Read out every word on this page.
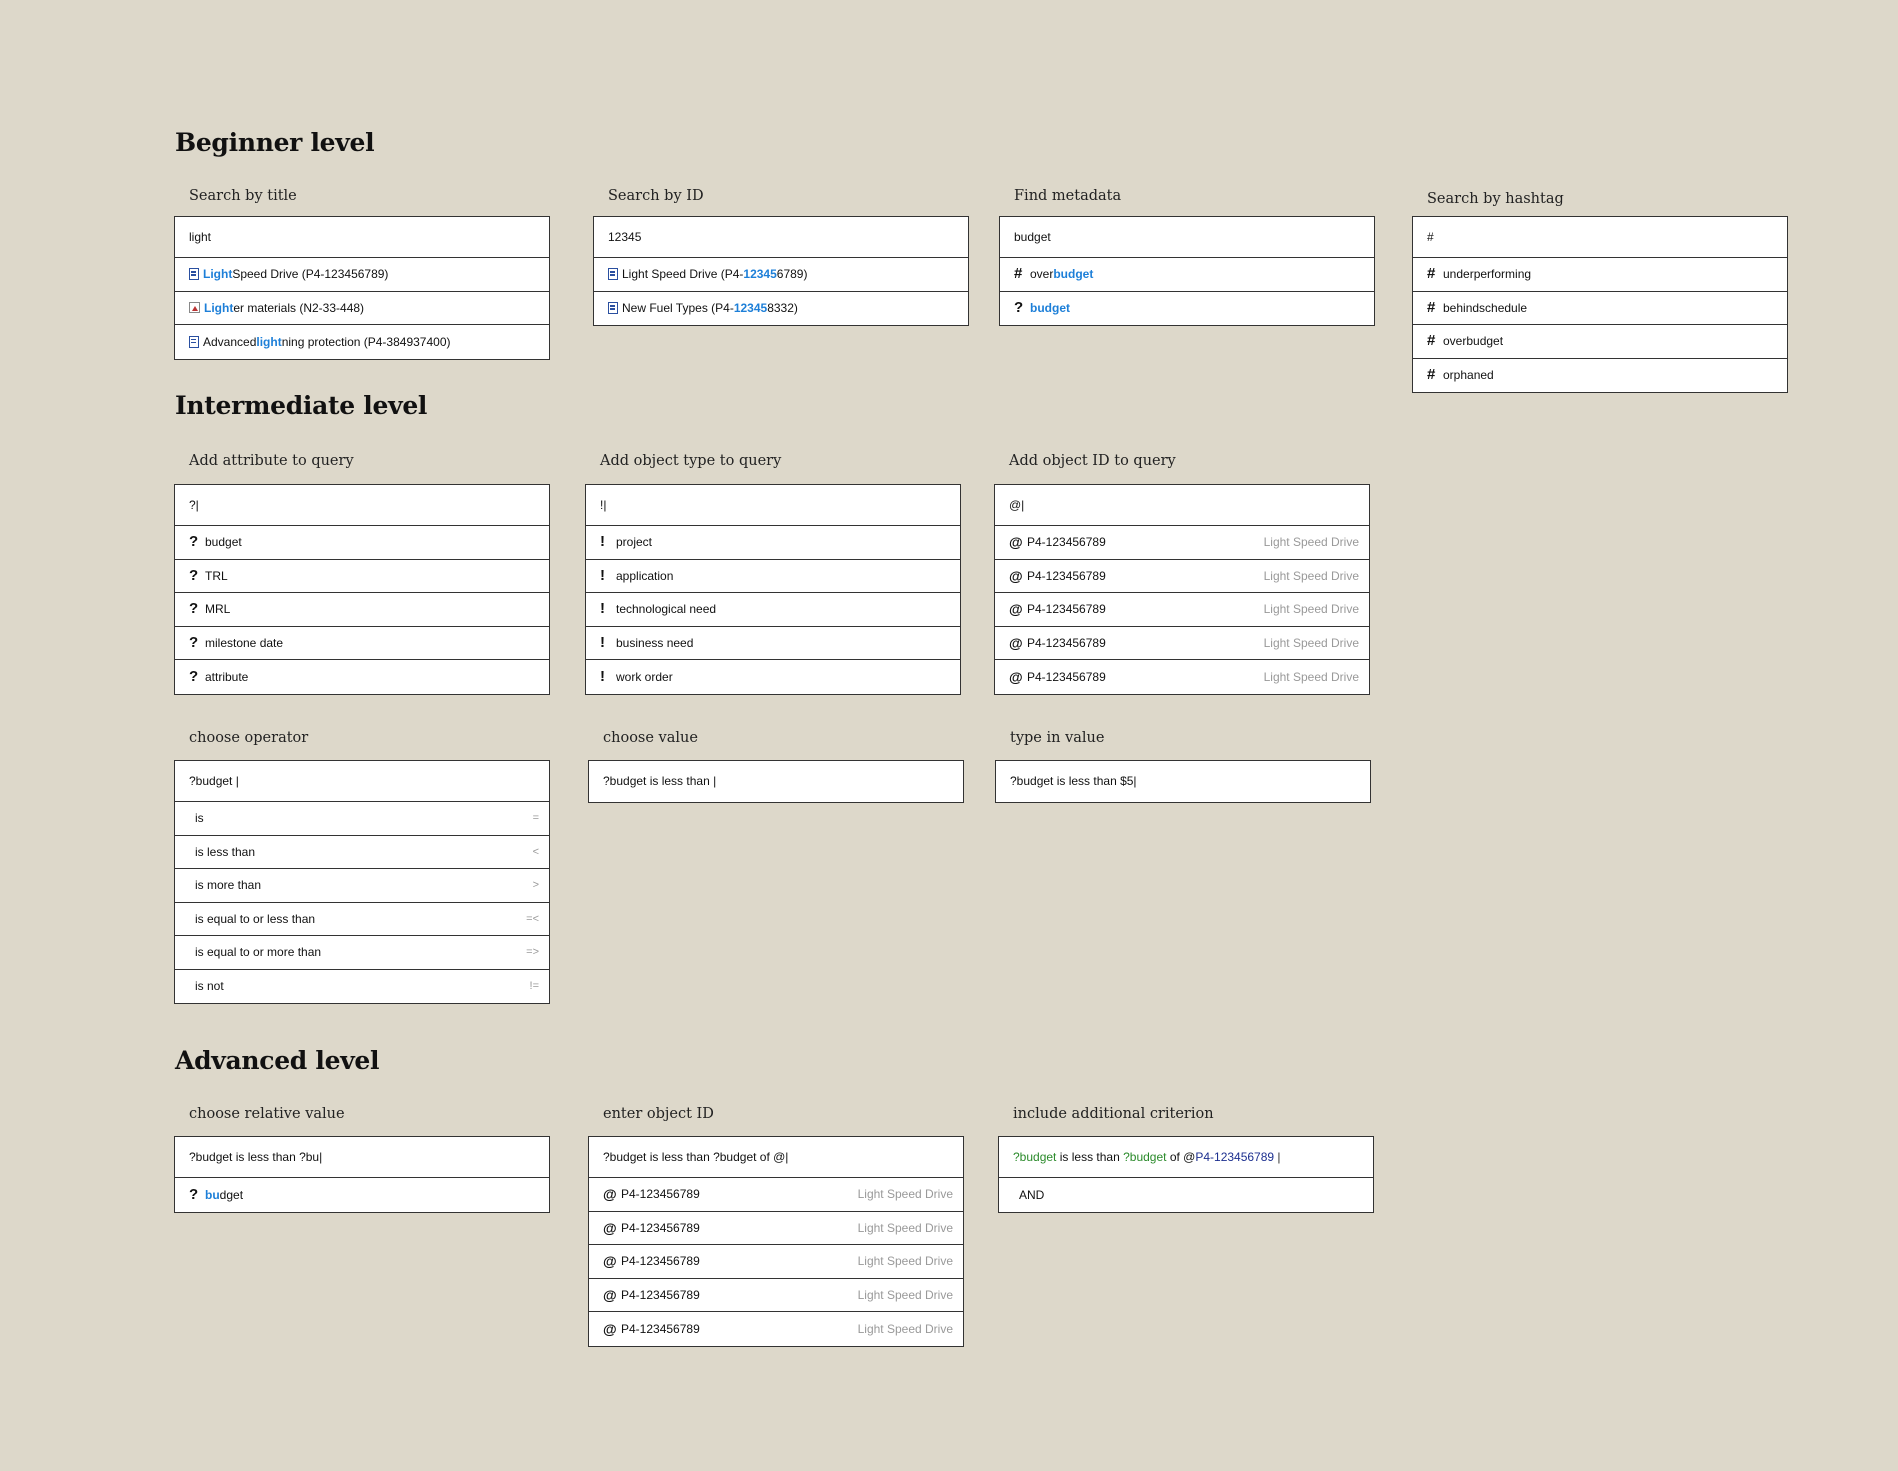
Beginner level
Search by title
light
Light Speed Drive (P4-123456789)
Light er materials (N2-33-448)
Advanced light ning protection (P4-384937400)
Search by ID
12345
Light Speed Drive (P4- 12345 6789)
New Fuel Types (P4- 12345 8332)
Find metadata
budget
# over budget
? budget
Search by hashtag
#
# underperforming
# behindschedule
# overbudget
# orphaned
Intermediate level
Add attribute to query
?|
? budget
? TRL
? MRL
? milestone date
? attribute
Add object type to query
!|
! project
! application
! technological need
! business need
! work order
Add object ID to query
@|
@ P4-123456789	Light Speed Drive
@ P4-123456789	Light Speed Drive
@ P4-123456789	Light Speed Drive
@ P4-123456789	Light Speed Drive
@ P4-123456789	Light Speed Drive
choose operator
?budget |
is	=
is less than	<
is more than	>
is equal to or less than	=<
is equal to or more than	=>
is not	!=
choose value
?budget is less than |
type in value
?budget is less than $5|
Advanced level
choose relative value
?budget is less than ?bu|
? bu dget
enter object ID
?budget is less than ?budget of @|
@ P4-123456789	Light Speed Drive
@ P4-123456789	Light Speed Drive
@ P4-123456789	Light Speed Drive
@ P4-123456789	Light Speed Drive
@ P4-123456789	Light Speed Drive
include additional criterion
?budget is less than ?budget of @P4-123456789 |
AND
